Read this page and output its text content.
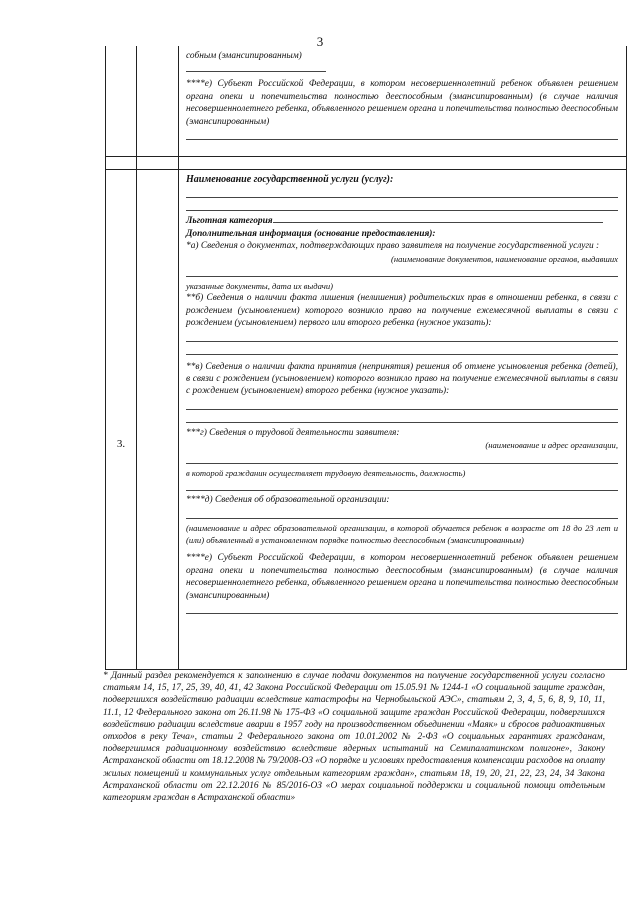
3
3.

собным (эмансипированным)

****е) Субъект Российской Федерации, в котором несовершеннолетний ребенок объявлен решением органа опеки и попечительства полностью дееспособным (эмансипированным) (в случае наличия несовершеннолетнего ребенка, объявленного решением органа и попечительства полностью дееспособным (эмансипированным)

Наименование государственной услуги (услуг):

Льготная категория

Дополнительная информация (основание предоставления):

*а) Сведения о документах, подтверждающих право заявителя на получение государственной услуги :

(наименование документов, наименование органов, выдавших

указанные документы, дата их выдачи)

**б) Сведения о наличии факта лишения (нелишения) родительских прав в отношении ребенка, в связи с рождением (усыновлением) которого возникло право на получение ежемесячной выплаты в связи с рождением (усыновлением) первого или второго ребенка (нужное указать):

**в) Сведения о наличии факта принятия (непринятия) решения об отмене усыновления ребенка (детей), в связи с рождением (усыновлением) которого возникло право на получение ежемесячной выплаты в связи с рождением (усыновлением) второго ребенка (нужное указать):

***г) Сведения о трудовой деятельности заявителя:

(наименование и адрес организации,

в которой гражданин осуществляет трудовую деятельность, должность)

****д) Сведения об образовательной организации:

(наименование и адрес образовательной организации, в которой обучается ребенок в возрасте от 18 до 23 лет и (или) объявленный в установленном порядке полностью дееспособным (эмансипированным)

****е) Субъект Российской Федерации, в котором несовершеннолетний ребенок объявлен решением органа опеки и попечительства полностью дееспособным (эмансипированным) (в случае наличия несовершеннолетнего ребенка, объявленного решением органа и попечительства полностью дееспособным (эмансипированным)

* Данный раздел рекомендуется к заполнению в случае подачи документов на получение государственной услуги согласно статьям 14, 15, 17, 25, 39, 40, 41, 42 Закона Российской Федерации от 15.05.91 № 1244-1 «О социальной защите граждан, подвергшихся воздействию радиации вследствие катастрофы на Чернобыльской АЭС», статьям 2, 3, 4, 5, 6, 8, 9, 10, 11, 11.1, 12 Федерального закона от 26.11.98 № 175-ФЗ «О социальной защите граждан Российской Федерации, подвергшихся воздействию радиации вследствие аварии в 1957 году на производственном объединении «Маяк» и сбросов радиоактивных отходов в реку Теча», статьи 2 Федерального закона от 10.01.2002 № 2-ФЗ «О социальных гарантиях гражданам, подвергшимся радиационному воздействию вследствие ядерных испытаний на Семипалатинском полигоне», Закону Астраханской области от 18.12.2008 № 79/2008-ОЗ «О порядке и условиях предоставления компенсации расходов на оплату жилых помещений и коммунальных услуг отдельным категориям граждан», статьям 18, 19, 20, 21, 22, 23, 24, 34 Закона Астраханской области от 22.12.2016 № 85/2016-ОЗ «О мерах социальной поддержки и социальной помощи отдельным категориям граждан в Астраханской области»
